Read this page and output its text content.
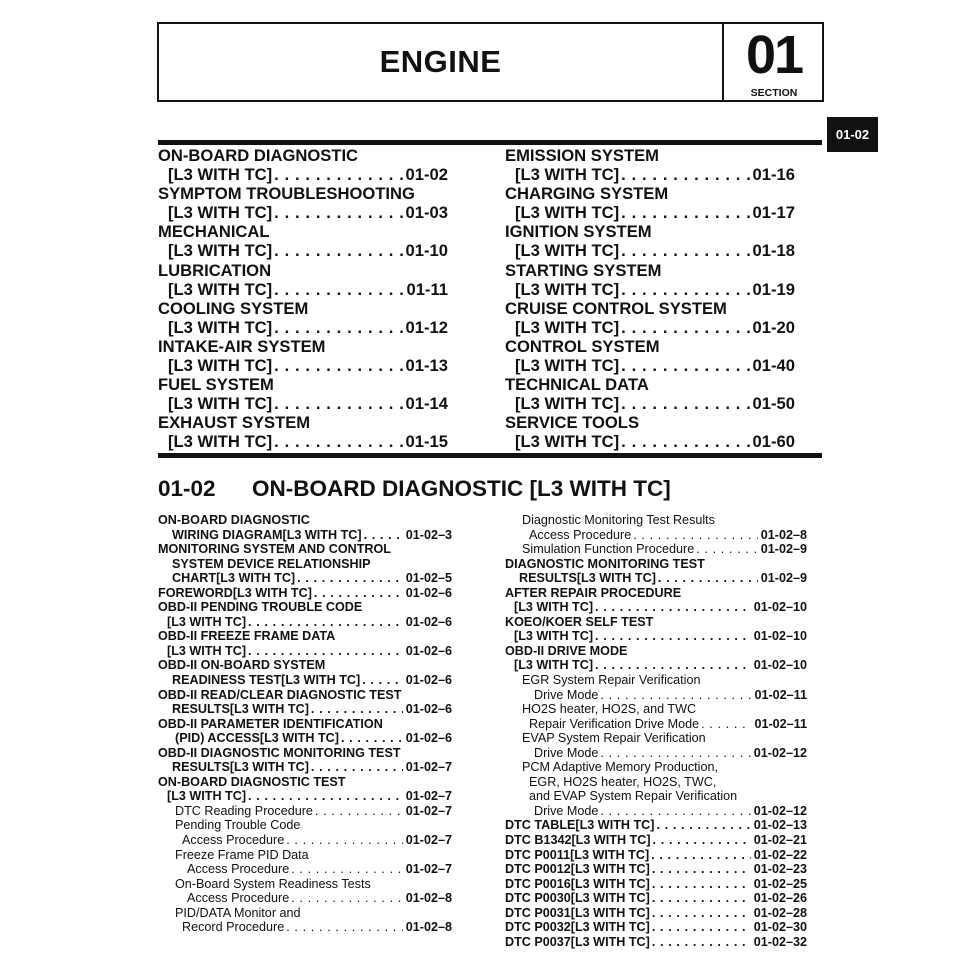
ENGINE	01
SECTION
01-02
ON-BOARD DIAGNOSTIC
[L3 WITH TC] . . .	01-02
SYMPTOM TROUBLESHOOTING
[L3 WITH TC] . . .	01-03
MECHANICAL
[L3 WITH TC] . . .	01-10
LUBRICATION
[L3 WITH TC] . . .	01-11
COOLING SYSTEM
[L3 WITH TC] . . .	01-12
INTAKE-AIR SYSTEM
[L3 WITH TC] . . .	01-13
FUEL SYSTEM
[L3 WITH TC] . . .	01-14
EXHAUST SYSTEM
[L3 WITH TC] . . .	01-15
EMISSION SYSTEM
[L3 WITH TC] . . .	01-16
CHARGING SYSTEM
[L3 WITH TC] . . .	01-17
IGNITION SYSTEM
[L3 WITH TC] . . .	01-18
STARTING SYSTEM
[L3 WITH TC] . . .	01-19
CRUISE CONTROL SYSTEM
[L3 WITH TC] . . .	01-20
CONTROL SYSTEM
[L3 WITH TC] . . .	01-40
TECHNICAL DATA
[L3 WITH TC] . . .	01-50
SERVICE TOOLS
[L3 WITH TC] . . .	01-60
01-02 ON-BOARD DIAGNOSTIC [L3 WITH TC]
ON-BOARD DIAGNOSTIC
WIRING DIAGRAM[L3 WITH TC] . . .	01-02–3
MONITORING SYSTEM AND CONTROL
SYSTEM DEVICE RELATIONSHIP
CHART[L3 WITH TC] . . .	01-02–5
FOREWORD[L3 WITH TC] . . .	01-02–6
OBD-II PENDING TROUBLE CODE
[L3 WITH TC] . . .	01-02–6
OBD-II FREEZE FRAME DATA
[L3 WITH TC] . . .	01-02–6
OBD-II ON-BOARD SYSTEM
READINESS TEST[L3 WITH TC] . . .	01-02–6
OBD-II READ/CLEAR DIAGNOSTIC TEST
RESULTS[L3 WITH TC] . . .	01-02–6
OBD-II PARAMETER IDENTIFICATION
(PID) ACCESS[L3 WITH TC] . . .	01-02–6
OBD-II DIAGNOSTIC MONITORING TEST
RESULTS[L3 WITH TC] . . .	01-02–7
ON-BOARD DIAGNOSTIC TEST
[L3 WITH TC] . . .	01-02–7
DTC Reading Procedure . . .	01-02–7
Pending Trouble Code
Access Procedure . . .	01-02–7
Freeze Frame PID Data
Access Procedure . . .	01-02–7
On-Board System Readiness Tests
Access Procedure . . .	01-02–8
PID/DATA Monitor and
Record Procedure . . .	01-02–8
Diagnostic Monitoring Test Results
Access Procedure . . .	01-02–8
Simulation Function Procedure . . .	01-02–9
DIAGNOSTIC MONITORING TEST
RESULTS[L3 WITH TC] . . .	01-02–9
AFTER REPAIR PROCEDURE
[L3 WITH TC] . . .	01-02–10
KOEO/KOER SELF TEST
[L3 WITH TC] . . .	01-02–10
OBD-II DRIVE MODE
[L3 WITH TC] . . .	01-02–10
EGR System Repair Verification
Drive Mode . . .	01-02–11
HO2S heater, HO2S, and TWC
Repair Verification Drive Mode . . .	01-02–11
EVAP System Repair Verification
Drive Mode . . .	01-02–12
PCM Adaptive Memory Production,
EGR, HO2S heater, HO2S, TWC,
and EVAP System Repair Verification
Drive Mode . . .	01-02–12
DTC TABLE[L3 WITH TC] . . .	01-02–13
DTC B1342[L3 WITH TC] . . .	01-02–21
DTC P0011[L3 WITH TC] . . .	01-02–22
DTC P0012[L3 WITH TC] . . .	01-02–23
DTC P0016[L3 WITH TC] . . .	01-02–25
DTC P0030[L3 WITH TC] . . .	01-02–26
DTC P0031[L3 WITH TC] . . .	01-02–28
DTC P0032[L3 WITH TC] . . .	01-02–30
DTC P0037[L3 WITH TC] . . .	01-02–32
